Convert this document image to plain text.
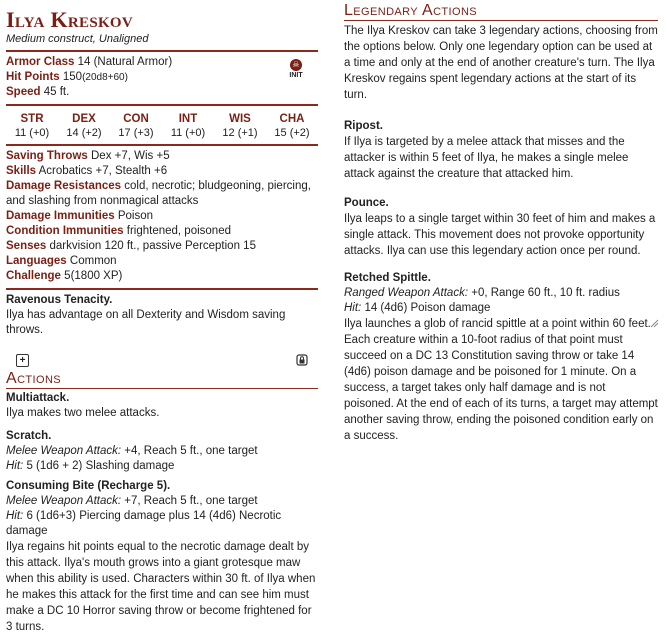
Ilya Kreskov
Medium construct, Unaligned
Armor Class 14 (Natural Armor)	☠
INIT
Hit Points 150(20d8+60)
Speed 45 ft.
STR
11 (+0)
DEX
14 (+2)
CON
17 (+3)
INT
11 (+0)
WIS
12 (+1)
CHA
15 (+2)
Saving Throws Dex +7, Wis +5
Skills Acrobatics +7, Stealth +6
Damage Resistances cold, necrotic; bludgeoning, piercing, and slashing from nonmagical attacks
Damage Immunities Poison
Condition Immunities frightened, poisoned
Senses darkvision 120 ft., passive Perception 15
Languages Common
Challenge 5(1800 XP)
Ravenous Tenacity.
Ilya has advantage on all Dexterity and Wisdom saving throws.
+
Actions
Multiattack.
Ilya makes two melee attacks.
Scratch.
Melee Weapon Attack: +4, Reach 5 ft., one target
Hit: 5 (1d6 + 2) Slashing damage
Consuming Bite (Recharge 5).
Melee Weapon Attack: +7, Reach 5 ft., one target
Hit: 6 (1d6+3) Piercing damage plus 14 (4d6) Necrotic damage
Ilya regains hit points equal to the necrotic damage dealt by this attack. Ilya's mouth grows into a giant grotesque maw when this ability is used. Characters within 30 ft. of Ilya when he makes this attack for the first time and can see him must make a DC 10 Horror saving throw or become frightened for 3 turns.
Legendary Actions
The Ilya Kreskov can take 3 legendary actions, choosing from the options below. Only one legendary option can be used at a time and only at the end of another creature's turn. The Ilya Kreskov regains spent legendary actions at the start of its turn.
Ripost.
If Ilya is targeted by a melee attack that misses and the attacker is within 5 feet of Ilya, he makes a single melee attack against the creature that attacked him.
Pounce.
Ilya leaps to a single target within 30 feet of him and makes a single attack. This movement does not provoke opportunity attacks. Ilya can use this legendary action once per round.
Retched Spittle.
Ranged Weapon Attack: +0, Range 60 ft., 10 ft. radius
Hit: 14 (4d6) Poison damage
Ilya launches a glob of rancid spittle at a point within 60 feet. Each creature within a 10-foot radius of that point must succeed on a DC 13 Constitution saving throw or take 14 (4d6) poison damage and be poisoned for 1 minute. On a success, a target takes only half damage and is not poisoned. At the end of each of its turns, a target may attempt another saving throw, ending the poisoned condition early on a success.
